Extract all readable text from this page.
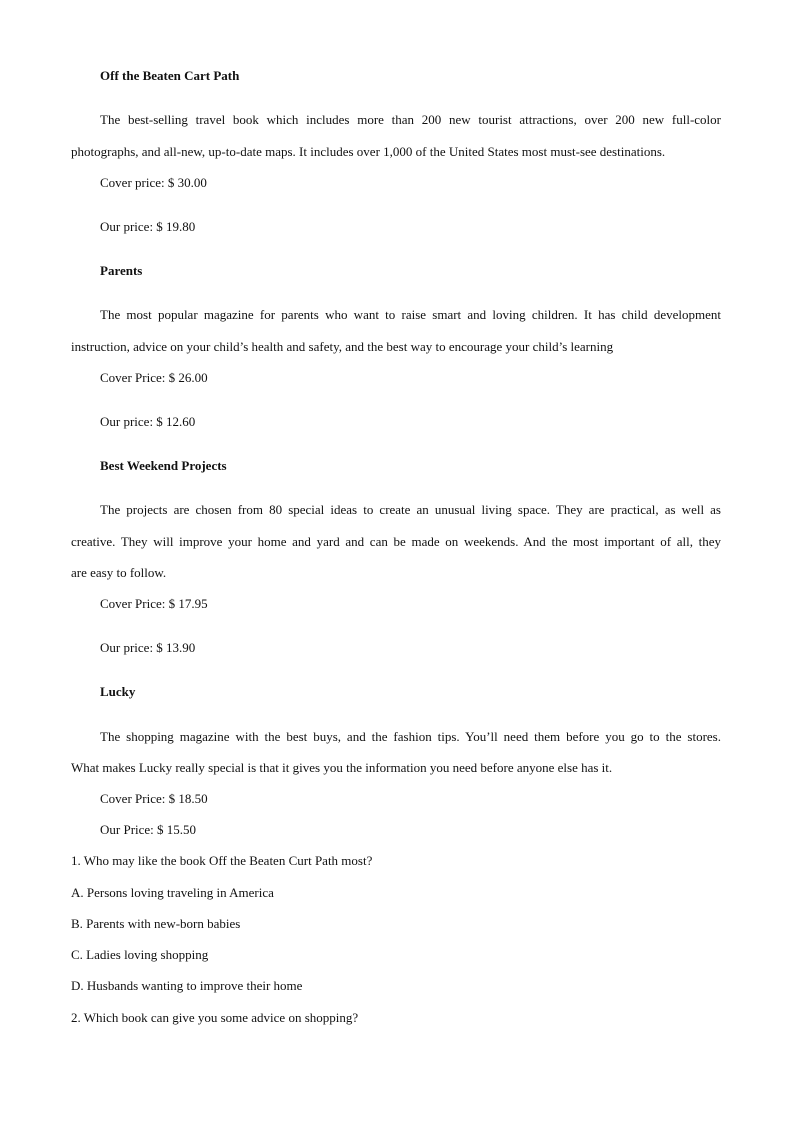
Off the Beaten Cart Path
The best-selling travel book which includes more than 200 new tourist attractions, over 200 new full-color
photographs, and all-new, up-to-date maps. It includes over 1,000 of the United States most must-see destinations.
Cover price: $ 30.00
Our price: $ 19.80
Parents
The most popular magazine for parents who want to raise smart and loving children. It has child development
instruction, advice on your child’s health and safety, and the best way to encourage your child’s learning
Cover Price: $ 26.00
Our price: $ 12.60
Best Weekend Projects
The projects are chosen from 80 special ideas to create an unusual living space. They are practical, as well as
creative. They will improve your home and yard and can be made on weekends. And the most important of all, they
are easy to follow.
Cover Price: $ 17.95
Our price: $ 13.90
Lucky
The shopping magazine with the best buys, and the fashion tips. You’ll need them before you go to the stores.
What makes Lucky really special is that it gives you the information you need before anyone else has it.
Cover Price: $ 18.50
Our Price: $ 15.50
1. Who may like the book Off the Beaten Curt Path most?
A. Persons loving traveling in America
B. Parents with new-born babies
C. Ladies loving shopping
D. Husbands wanting to improve their home
2. Which book can give you some advice on shopping?
